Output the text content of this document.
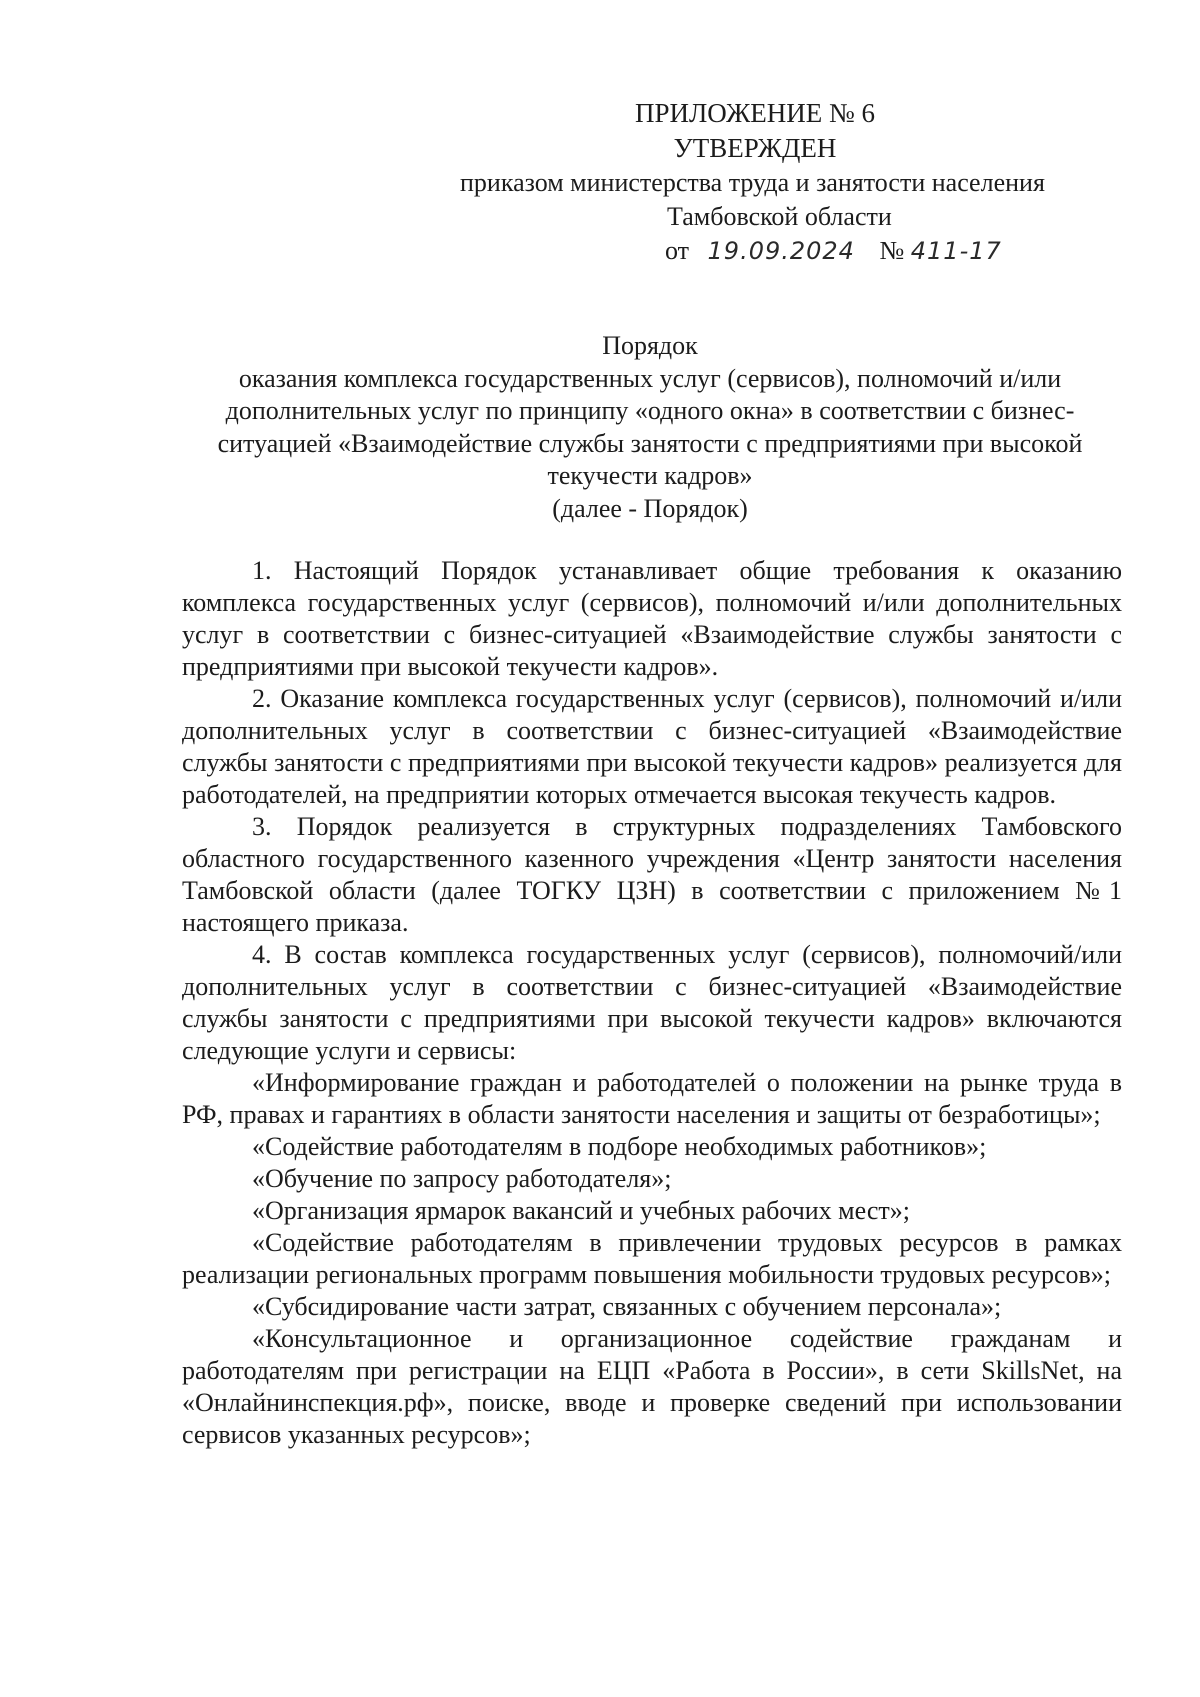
ПРИЛОЖЕНИЕ № 6
УТВЕРЖДЕН
приказом министерства труда и занятости населения
Тамбовской области
от 19.09.2024 № 411-17
Порядок
оказания комплекса государственных услуг (сервисов), полномочий и/или дополнительных услуг по принципу «одного окна» в соответствии с бизнес-ситуацией «Взаимодействие службы занятости с предприятиями при высокой текучести кадров»
(далее - Порядок)

1. Настоящий Порядок устанавливает общие требования к оказанию комплекса государственных услуг (сервисов), полномочий и/или дополнительных услуг в соответствии с бизнес-ситуацией «Взаимодействие службы занятости с предприятиями при высокой текучести кадров».

2. Оказание комплекса государственных услуг (сервисов), полномочий и/или дополнительных услуг в соответствии с бизнес-ситуацией «Взаимодействие службы занятости с предприятиями при высокой текучести кадров» реализуется для работодателей, на предприятии которых отмечается высокая текучесть кадров.

3. Порядок реализуется в структурных подразделениях Тамбовского областного государственного казенного учреждения «Центр занятости населения Тамбовской области (далее ТОГКУ ЦЗН) в соответствии с приложением №1 настоящего приказа.

4. В состав комплекса государственных услуг (сервисов), полномочий/или дополнительных услуг в соответствии с бизнес-ситуацией «Взаимодействие службы занятости с предприятиями при высокой текучести кадров» включаются следующие услуги и сервисы:

«Информирование граждан и работодателей о положении на рынке труда в РФ, правах и гарантиях в области занятости населения и защиты от безработицы»;

«Содействие работодателям в подборе необходимых работников»;

«Обучение по запросу работодателя»;

«Организация ярмарок вакансий и учебных рабочих мест»;

«Содействие работодателям в привлечении трудовых ресурсов в рамках реализации региональных программ повышения мобильности трудовых ресурсов»;

«Субсидирование части затрат, связанных с обучением персонала»;

«Консультационное и организационное содействие гражданам и работодателям при регистрации на ЕЦП «Работа в России», в сети SkillsNet, на «Онлайнинспекция.рф», поиске, вводе и проверке сведений при использовании сервисов указанных ресурсов»;
